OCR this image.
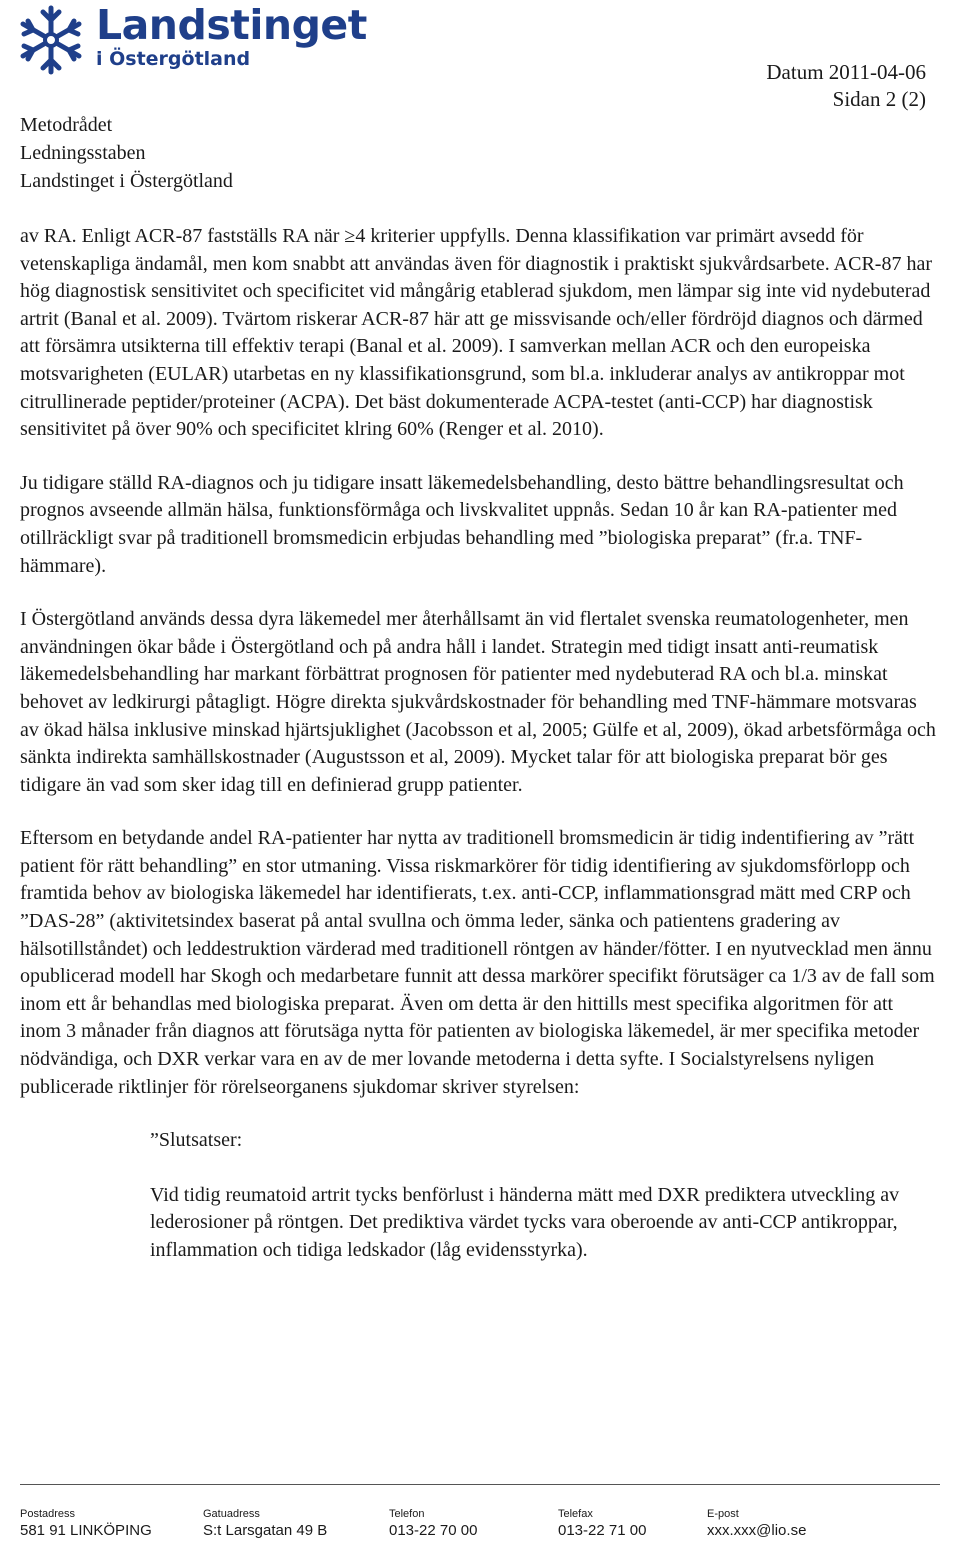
Landstinget
i Östergötland
Datum 2011-04-06
Sidan 2 (2)
Metodrådet
Ledningsstaben
Landstinget i Östergötland

av RA. Enligt ACR-87 fastställs RA när ≥4 kriterier uppfylls. Denna klassifikation var primärt avsedd för vetenskapliga ändamål, men kom snabbt att användas även för diagnostik i praktiskt sjukvårdsarbete. ACR-87 har hög diagnostisk sensitivitet och specificitet vid mångårig etablerad sjukdom, men lämpar sig inte vid nydebuterad artrit (Banal et al. 2009). Tvärtom riskerar ACR-87 här att ge missvisande och/eller fördröjd diagnos och därmed att försämra utsikterna till effektiv terapi (Banal et al. 2009). I samverkan mellan ACR och den europeiska motsvarigheten (EULAR) utarbetas en ny klassifikationsgrund, som bl.a. inkluderar analys av antikroppar mot citrullinerade peptider/proteiner (ACPA). Det bäst dokumenterade ACPA-testet (anti-CCP) har diagnostisk sensitivitet på över 90% och specificitet klring 60% (Renger et al. 2010).

Ju tidigare ställd RA-diagnos och ju tidigare insatt läkemedelsbehandling, desto bättre behandlingsresultat och prognos avseende allmän hälsa, funktionsförmåga och livskvalitet uppnås. Sedan 10 år kan RA-patienter med otillräckligt svar på traditionell bromsmedicin erbjudas behandling med ”biologiska preparat” (fr.a. TNF-hämmare).

I Östergötland används dessa dyra läkemedel mer återhållsamt än vid flertalet svenska reumatologenheter, men användningen ökar både i Östergötland och på andra håll i landet. Strategin med tidigt insatt anti-reumatisk läkemedelsbehandling har markant förbättrat prognosen för patienter med nydebuterad RA och bl.a. minskat behovet av ledkirurgi påtagligt. Högre direkta sjukvårdskostnader för behandling med TNF-hämmare motsvaras av ökad hälsa inklusive minskad hjärtsjuklighet (Jacobsson et al, 2005; Gülfe et al, 2009), ökad arbetsförmåga och sänkta indirekta samhällskostnader (Augustsson et al, 2009). Mycket talar för att biologiska preparat bör ges tidigare än vad som sker idag till en definierad grupp patienter.

Eftersom en betydande andel RA-patienter har nytta av traditionell bromsmedicin är tidig indentifiering av ”rätt patient för rätt behandling” en stor utmaning. Vissa riskmarkörer för tidig identifiering av sjukdomsförlopp och framtida behov av biologiska läkemedel har identifierats, t.ex. anti-CCP, inflammationsgrad mätt med CRP och ”DAS-28” (aktivitetsindex baserat på antal svullna och ömma leder, sänka och patientens gradering av hälsotillståndet) och leddestruktion värderad med traditionell röntgen av händer/fötter. I en nyutvecklad men ännu opublicerad modell har Skogh och medarbetare funnit att dessa markörer specifikt förutsäger ca 1/3 av de fall som inom ett år behandlas med biologiska preparat. Även om detta är den hittills mest specifika algoritmen för att inom 3 månader från diagnos att förutsäga nytta för patienten av biologiska läkemedel, är mer specifika metoder nödvändiga, och DXR verkar vara en av de mer lovande metoderna i detta syfte. I Socialstyrelsens nyligen publicerade riktlinjer för rörelseorganens sjukdomar skriver styrelsen:

”Slutsatser:

Vid tidig reumatoid artrit tycks benförlust i händerna mätt med DXR prediktera utveckling av lederosioner på röntgen. Det prediktiva värdet tycks vara oberoende av anti-CCP antikroppar, inflammation och tidiga ledskador (låg evidensstyrka).

Postadress
581 91 LINKÖPING
Gatuadress
S:t Larsgatan 49 B
Telefon
013-22 70 00
Telefax
013-22 71 00
E-post
xxx.xxx@lio.se
